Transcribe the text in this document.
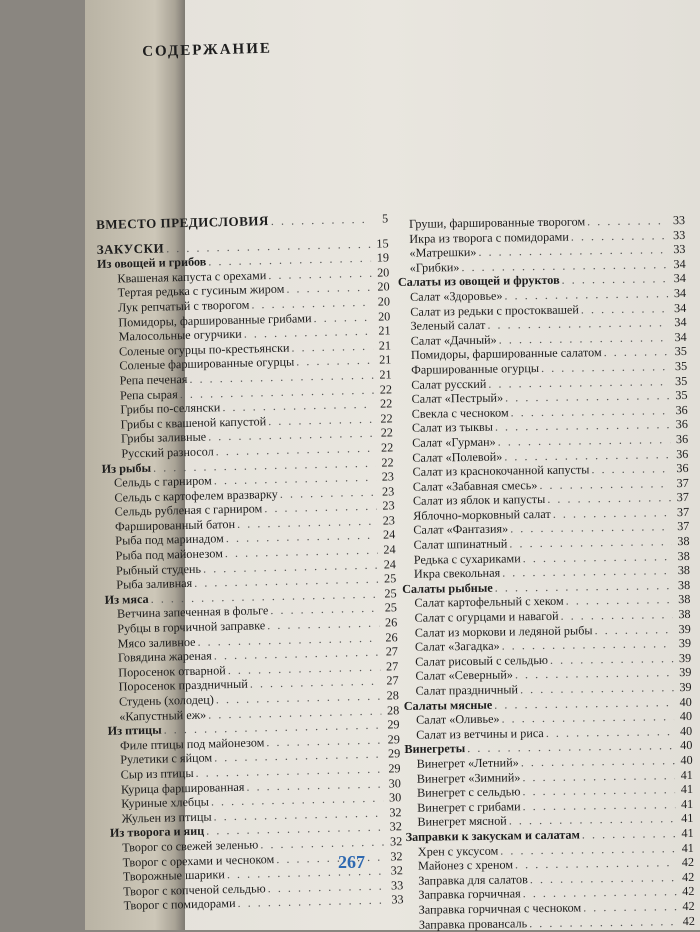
СОДЕРЖАНИЕ
ВМЕСТО ПРЕДИСЛОВИЯ . . .	5
ЗАКУСКИ . . .	15
Из овощей и грибов . . .	19
Квашеная капуста с орехами . . .	20
Тертая редька с гусиным жиром . . .	20
Лук репчатый с творогом . . .	20
Помидоры, фаршированные грибами . . .	20
Малосольные огурчики . . .	21
Соленые огурцы по-крестьянски . . .	21
Соленые фаршированные огурцы . . .	21
Репа печеная . . .	21
Репа сырая . . .	22
Грибы по-селянски . . .	22
Грибы с квашеной капустой . . .	22
Грибы заливные . . .	22
Русский разносол . . .	22
Из рыбы . . .	22
Сельдь с гарниром . . .	23
Сельдь с картофелем вразварку . . .	23
Сельдь рубленая с гарниром . . .	23
Фаршированный батон . . .	23
Рыба под маринадом . . .	24
Рыба под майонезом . . .	24
Рыбный студень . . .	24
Рыба заливная . . .	25
Из мяса . . .	25
Ветчина запеченная в фольге . . .	25
Рубцы в горчичной заправке . . .	26
Мясо заливное . . .	26
Говядина жареная . . .	27
Поросенок отварной . . .	27
Поросенок праздничный . . .	27
Студень (холодец) . . .	28
«Капустный еж» . . .	28
Из птицы . . .	29
Филе птицы под майонезом . . .	29
Рулетики с яйцом . . .	29
Сыр из птицы . . .	29
Курица фаршированная . . .	30
Куриные хлебцы . . .	30
Жульен из птицы . . .	32
Из творога и яиц . . .	32
Творог со свежей зеленью . . .	32
Творог с орехами и чесноком . . .	32
Творожные шарики . . .	32
Творог с копченой сельдью . . .	33
Творог с помидорами . . .	33
Груши, фаршированные творогом . . .	33
Икра из творога с помидорами . . .	33
«Матрешки» . . .	33
«Грибки» . . .	34
Салаты из овощей и фруктов . . .	34
Салат «Здоровье» . . .	34
Салат из редьки с простоквашей . . .	34
Зеленый салат . . .	34
Салат «Дачный» . . .	34
Помидоры, фаршированные салатом . . .	35
Фаршированные огурцы . . .	35
Салат русский . . .	35
Салат «Пестрый» . . .	35
Свекла с чесноком . . .	36
Салат из тыквы . . .	36
Салат «Гурман» . . .	36
Салат «Полевой» . . .	36
Салат из краснокочанной капусты . . .	36
Салат «Забавная смесь» . . .	37
Салат из яблок и капусты . . .	37
Яблочно-морковный салат . . .	37
Салат «Фантазия» . . .	37
Салат шпинатный . . .	38
Редька с сухариками . . .	38
Икра свекольная . . .	38
Салаты рыбные . . .	38
Салат картофельный с хеком . . .	38
Салат с огурцами и навагой . . .	38
Салат из моркови и ледяной рыбы . . .	39
Салат «Загадка» . . .	39
Салат рисовый с сельдью . . .	39
Салат «Северный» . . .	39
Салат праздничный . . .	39
Салаты мясные . . .	40
Салат «Оливье» . . .	40
Салат из ветчины и риса . . .	40
Винегреты . . .	40
Винегрет «Летний» . . .	40
Винегрет «Зимний» . . .	41
Винегрет с сельдью . . .	41
Винегрет с грибами . . .	41
Винегрет мясной . . .	41
Заправки к закускам и салатам . . .	41
Хрен с уксусом . . .	41
Майонез с хреном . . .	42
Заправка для салатов . . .	42
Заправка горчичная . . .	42
Заправка горчичная с чесноком . . .	42
Заправка провансаль . . .	42
267
